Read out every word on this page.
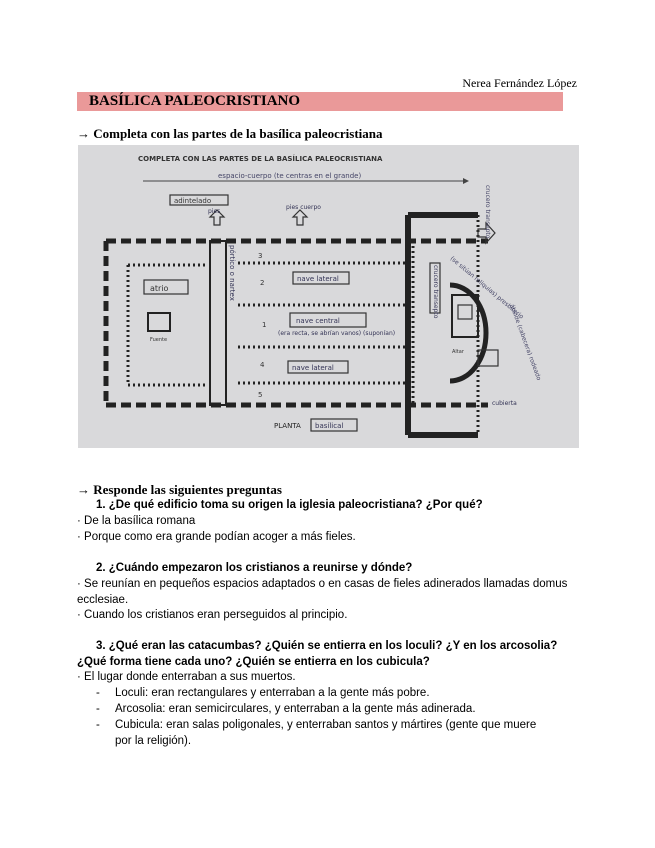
Nerea Fernández López
BASÍLICA PALEOCRISTIANO
→ Completa con las partes de la basílica paleocristiana
COMPLETA CON LAS PARTES DE LA BASÍLICA PALEOCRISTIANA
espacio-cuerpo (te centras en el grande)
adintelado
pies
pies cuerpo
atrio
Fuente
pórtico o nartex	nave lateral
nave central
(era recta, se abrían vanos) (suponían)
nave lateral
3
2
1
4
5
crucero transepto
Altar
(se sitúan reliquias) presbiterio
ábside (cabecera) rodeado
crucero transepto
cubierta
PLANTA basílical
→ Responde las siguientes preguntas
1. ¿De qué edificio toma su origen la iglesia paleocristiana? ¿Por qué?
· De la basílica romana
· Porque como era grande podían acoger a más fieles.
2. ¿Cuándo empezaron los cristianos a reunirse y dónde?
· Se reunían en pequeños espacios adaptados o en casas de fieles adinerados llamadas domus ecclesiae.
· Cuando los cristianos eran perseguidos al principio.
3. ¿Qué eran las catacumbas? ¿Quién se entierra en los loculi? ¿Y en los arcosolia? ¿Qué forma tiene cada uno? ¿Quién se entierra en los cubicula?
· El lugar donde enterraban a sus muertos.
-	Loculi: eran rectangulares y enterraban a la gente más pobre.
-	Arcosolia: eran semicirculares, y enterraban a la gente más adinerada.
-	Cubicula: eran salas poligonales, y enterraban santos y mártires (gente que muere por la religión).
